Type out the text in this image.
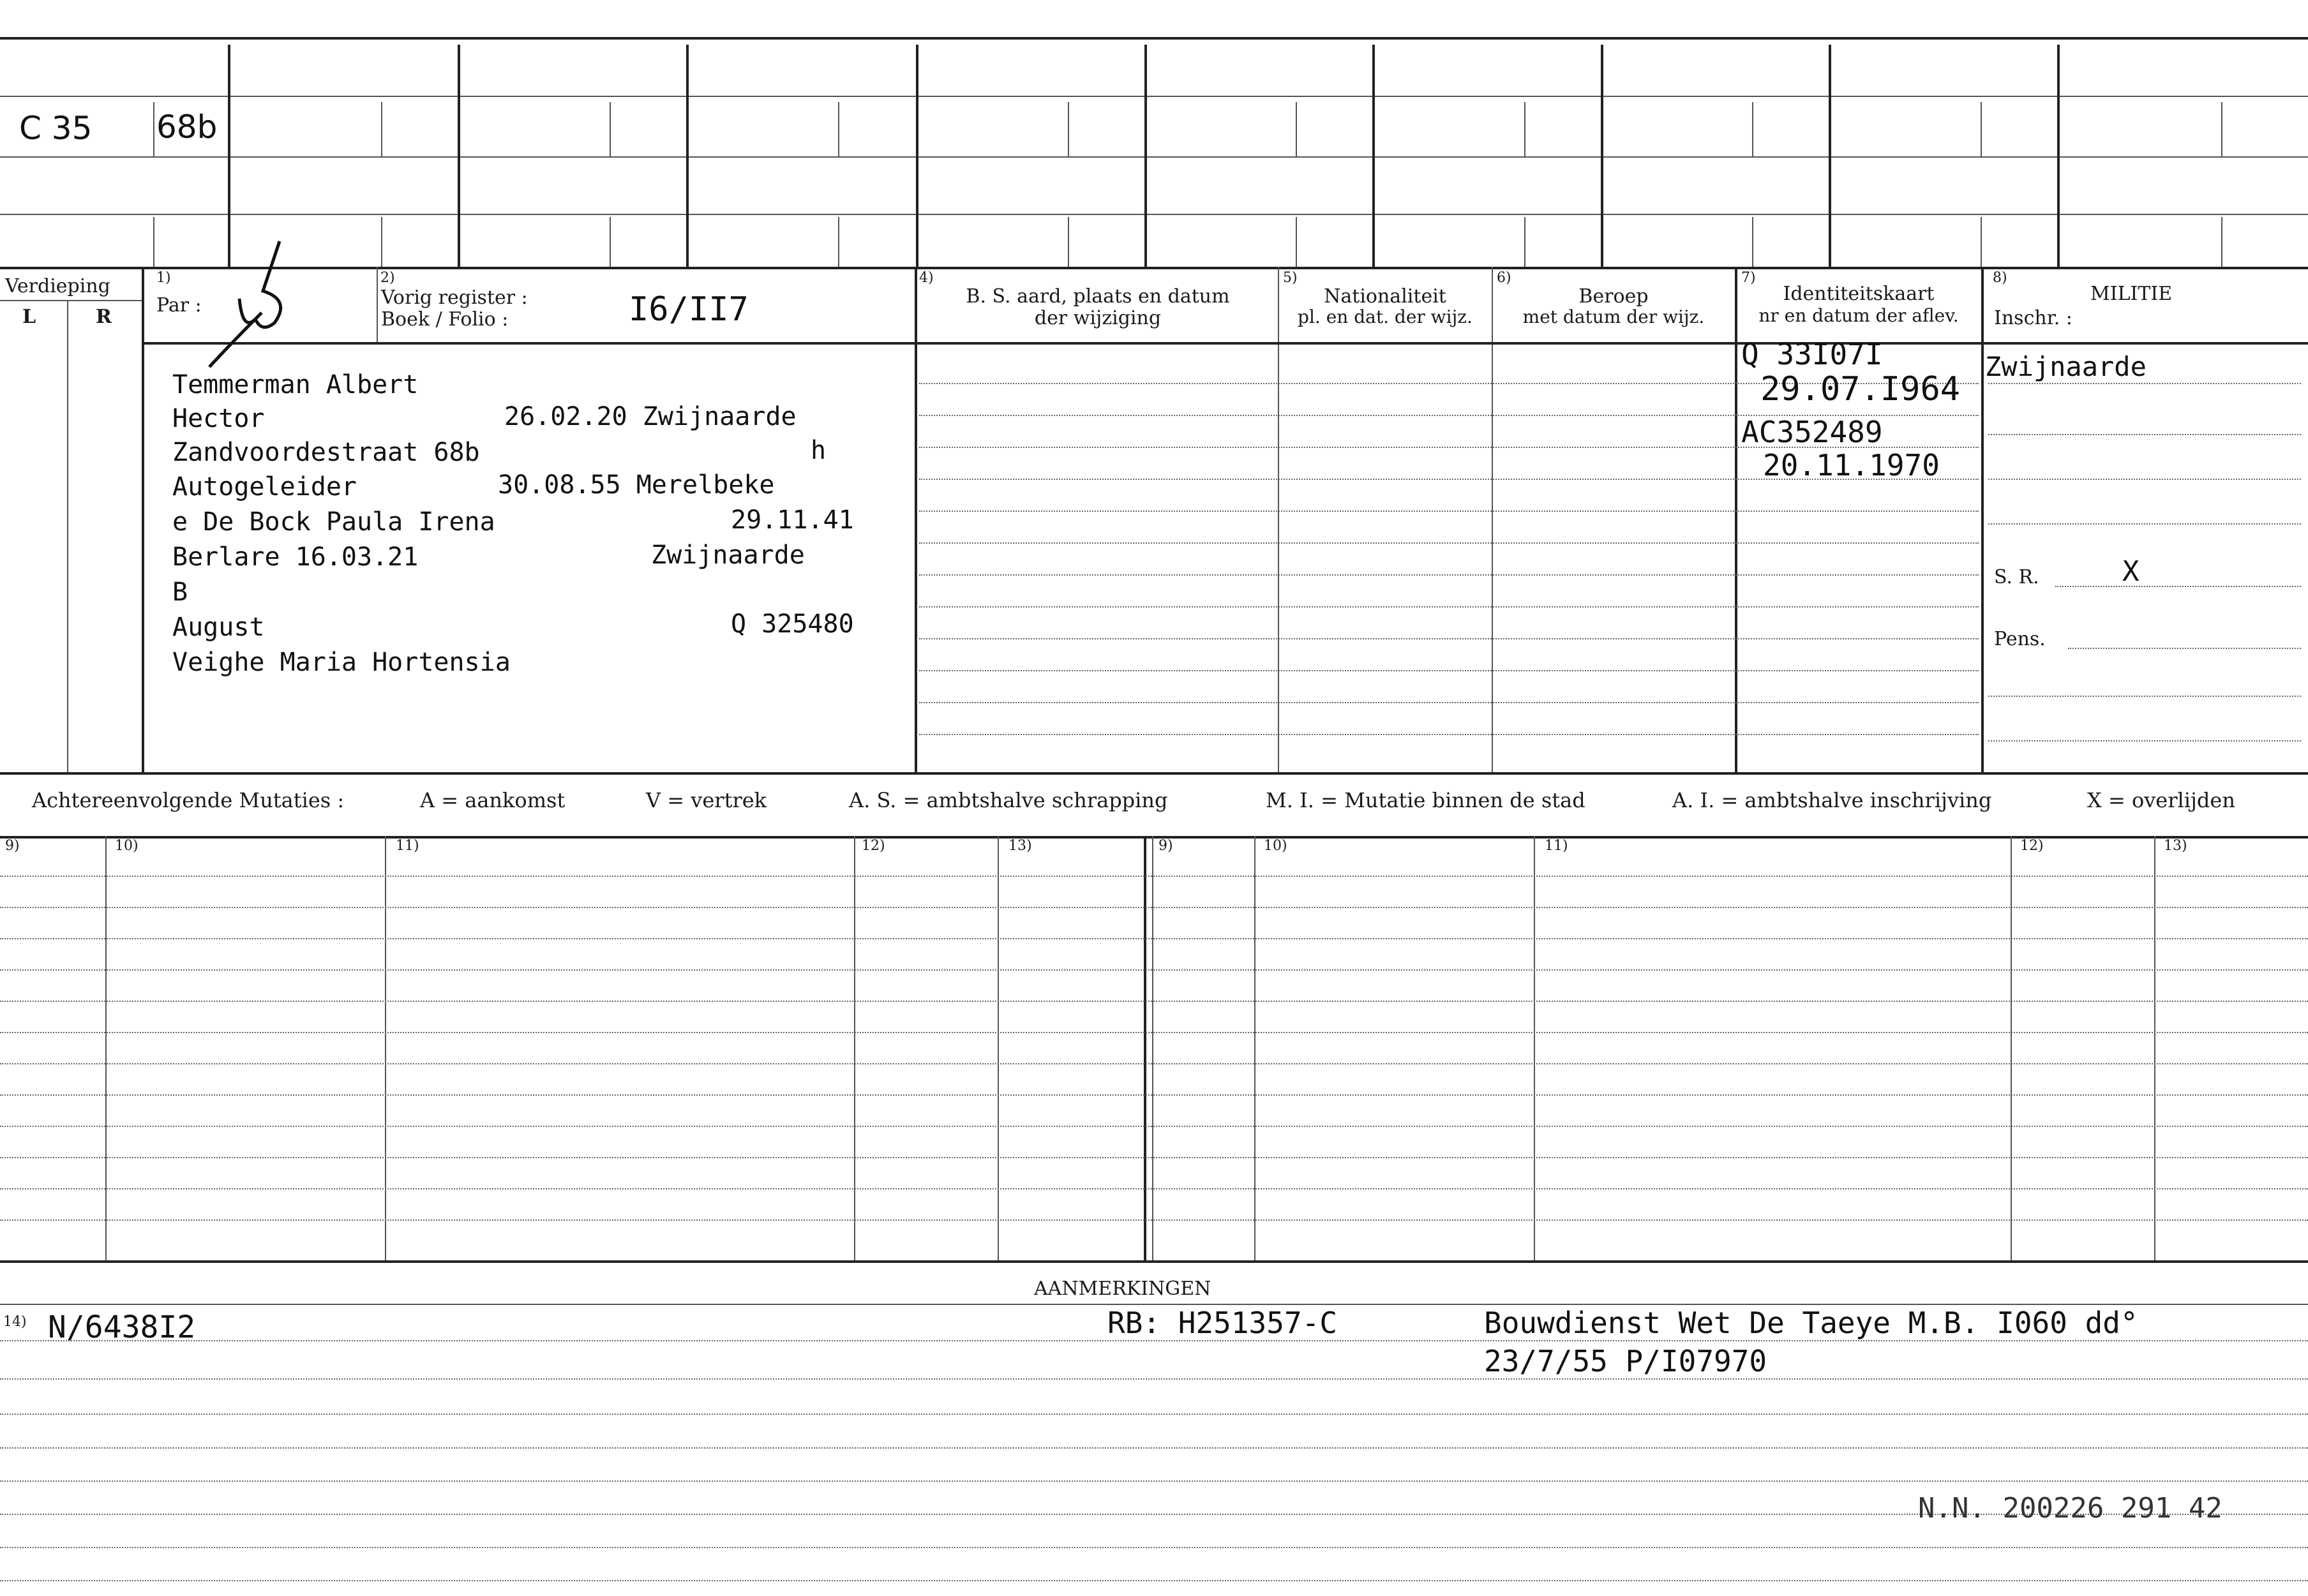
C 35 68b
Verdieping
L	R
1)
Par :
2)
Vorig register :
Boek / Folio :	I6/II7
4)
B. S. aard, plaats en datum
der wijziging
5)
Nationaliteit
pl. en dat. der wijz.
6)
Beroep
met datum der wijz.
7)
Identiteitskaart
nr en datum der aflev.
8)
MILITIE
Inschr. :
Temmerman Albert
Hector	26.02.20 Zwijnaarde
Zandvoordestraat 68b	h
Autogeleider	30.08.55 Merelbeke
e De Bock Paula Irena	29.11.41
Berlare 16.03.21	Zwijnaarde
B
August	Q 325480
Veighe Maria Hortensia
Q 33I07I
29.07.I964
AC352489
20.11.1970
Zwijnaarde
S. R.	X
Pens.
Achtereenvolgende Mutaties :	A = aankomst	V = vertrek	A. S. = ambtshalve schrapping	M. I. = Mutatie binnen de stad	A. I. = ambtshalve inschrijving	X = overlijden
9)	10)	11)	12)	13)	9)	10)	11)	12)	13)
AANMERKINGEN
14) N/6438I2	RB: H251357-C	Bouwdienst Wet De Taeye M.B. I060 dd°
23/7/55 P/I07970
N.N. 200226 291 42
